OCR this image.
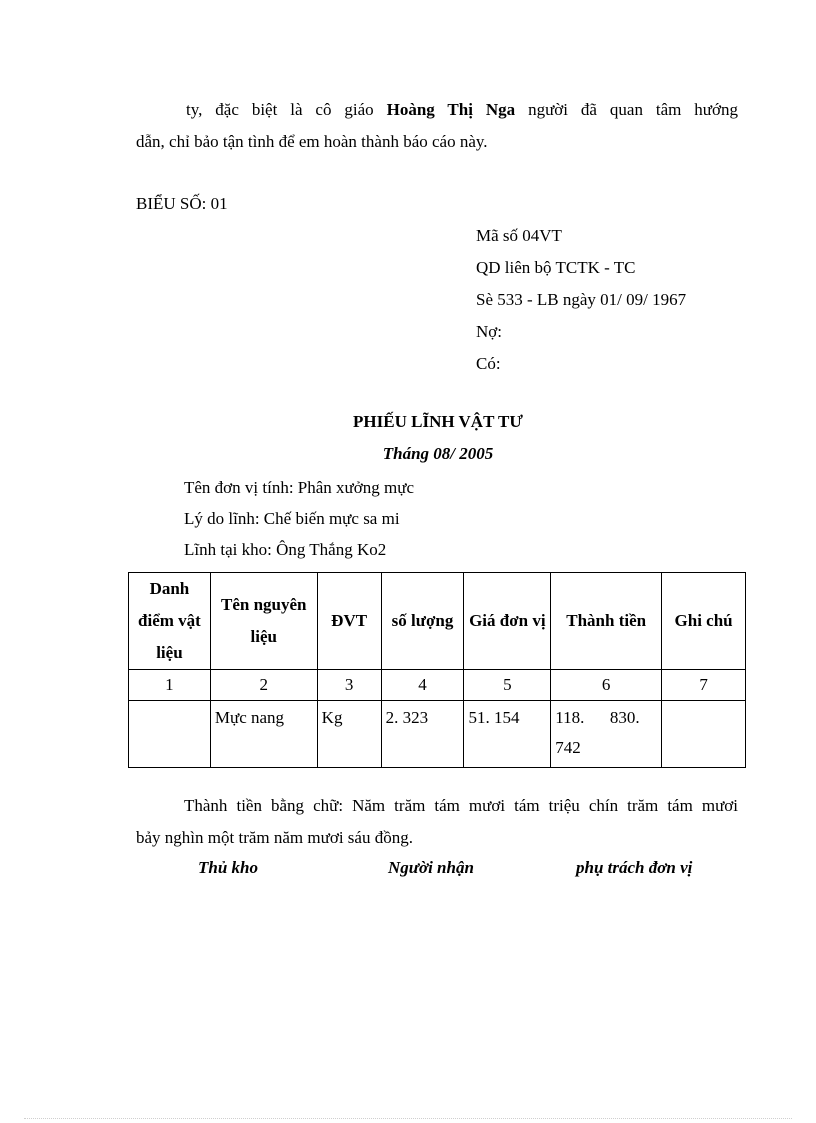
ty, đặc biệt là cô giáo Hoàng Thị Nga người đã quan tâm hướng
dẫn, chỉ bảo tận tình để em hoàn thành báo cáo này.
BIỂU SỐ: 01
Mã số 04VT
QD liên bộ TCTK - TC
Sè 533 - LB ngày 01/ 09/ 1967
Nợ:
Có:
PHIẾU LĨNH VẬT TƯ
Tháng 08/ 2005
Tên đơn vị tính: Phân xưởng mực
Lý do lĩnh: Chế biến mực sa mi
Lĩnh tại kho: Ông Thắng Ko2
Danh điểm vật liệu	Tên nguyên liệu	ĐVT	số lượng	Giá đơn vị	Thành tiền	Ghi chú
1	2	3	4	5	6	7
	Mực nang	Kg	2. 323	51. 154	118.      830.
742	

Thành tiền bằng chữ: Năm trăm tám mươi tám triệu chín trăm tám mươi
bảy nghìn một trăm năm mươi sáu đồng.
Thủ kho	Người nhận	phụ trách đơn vị
